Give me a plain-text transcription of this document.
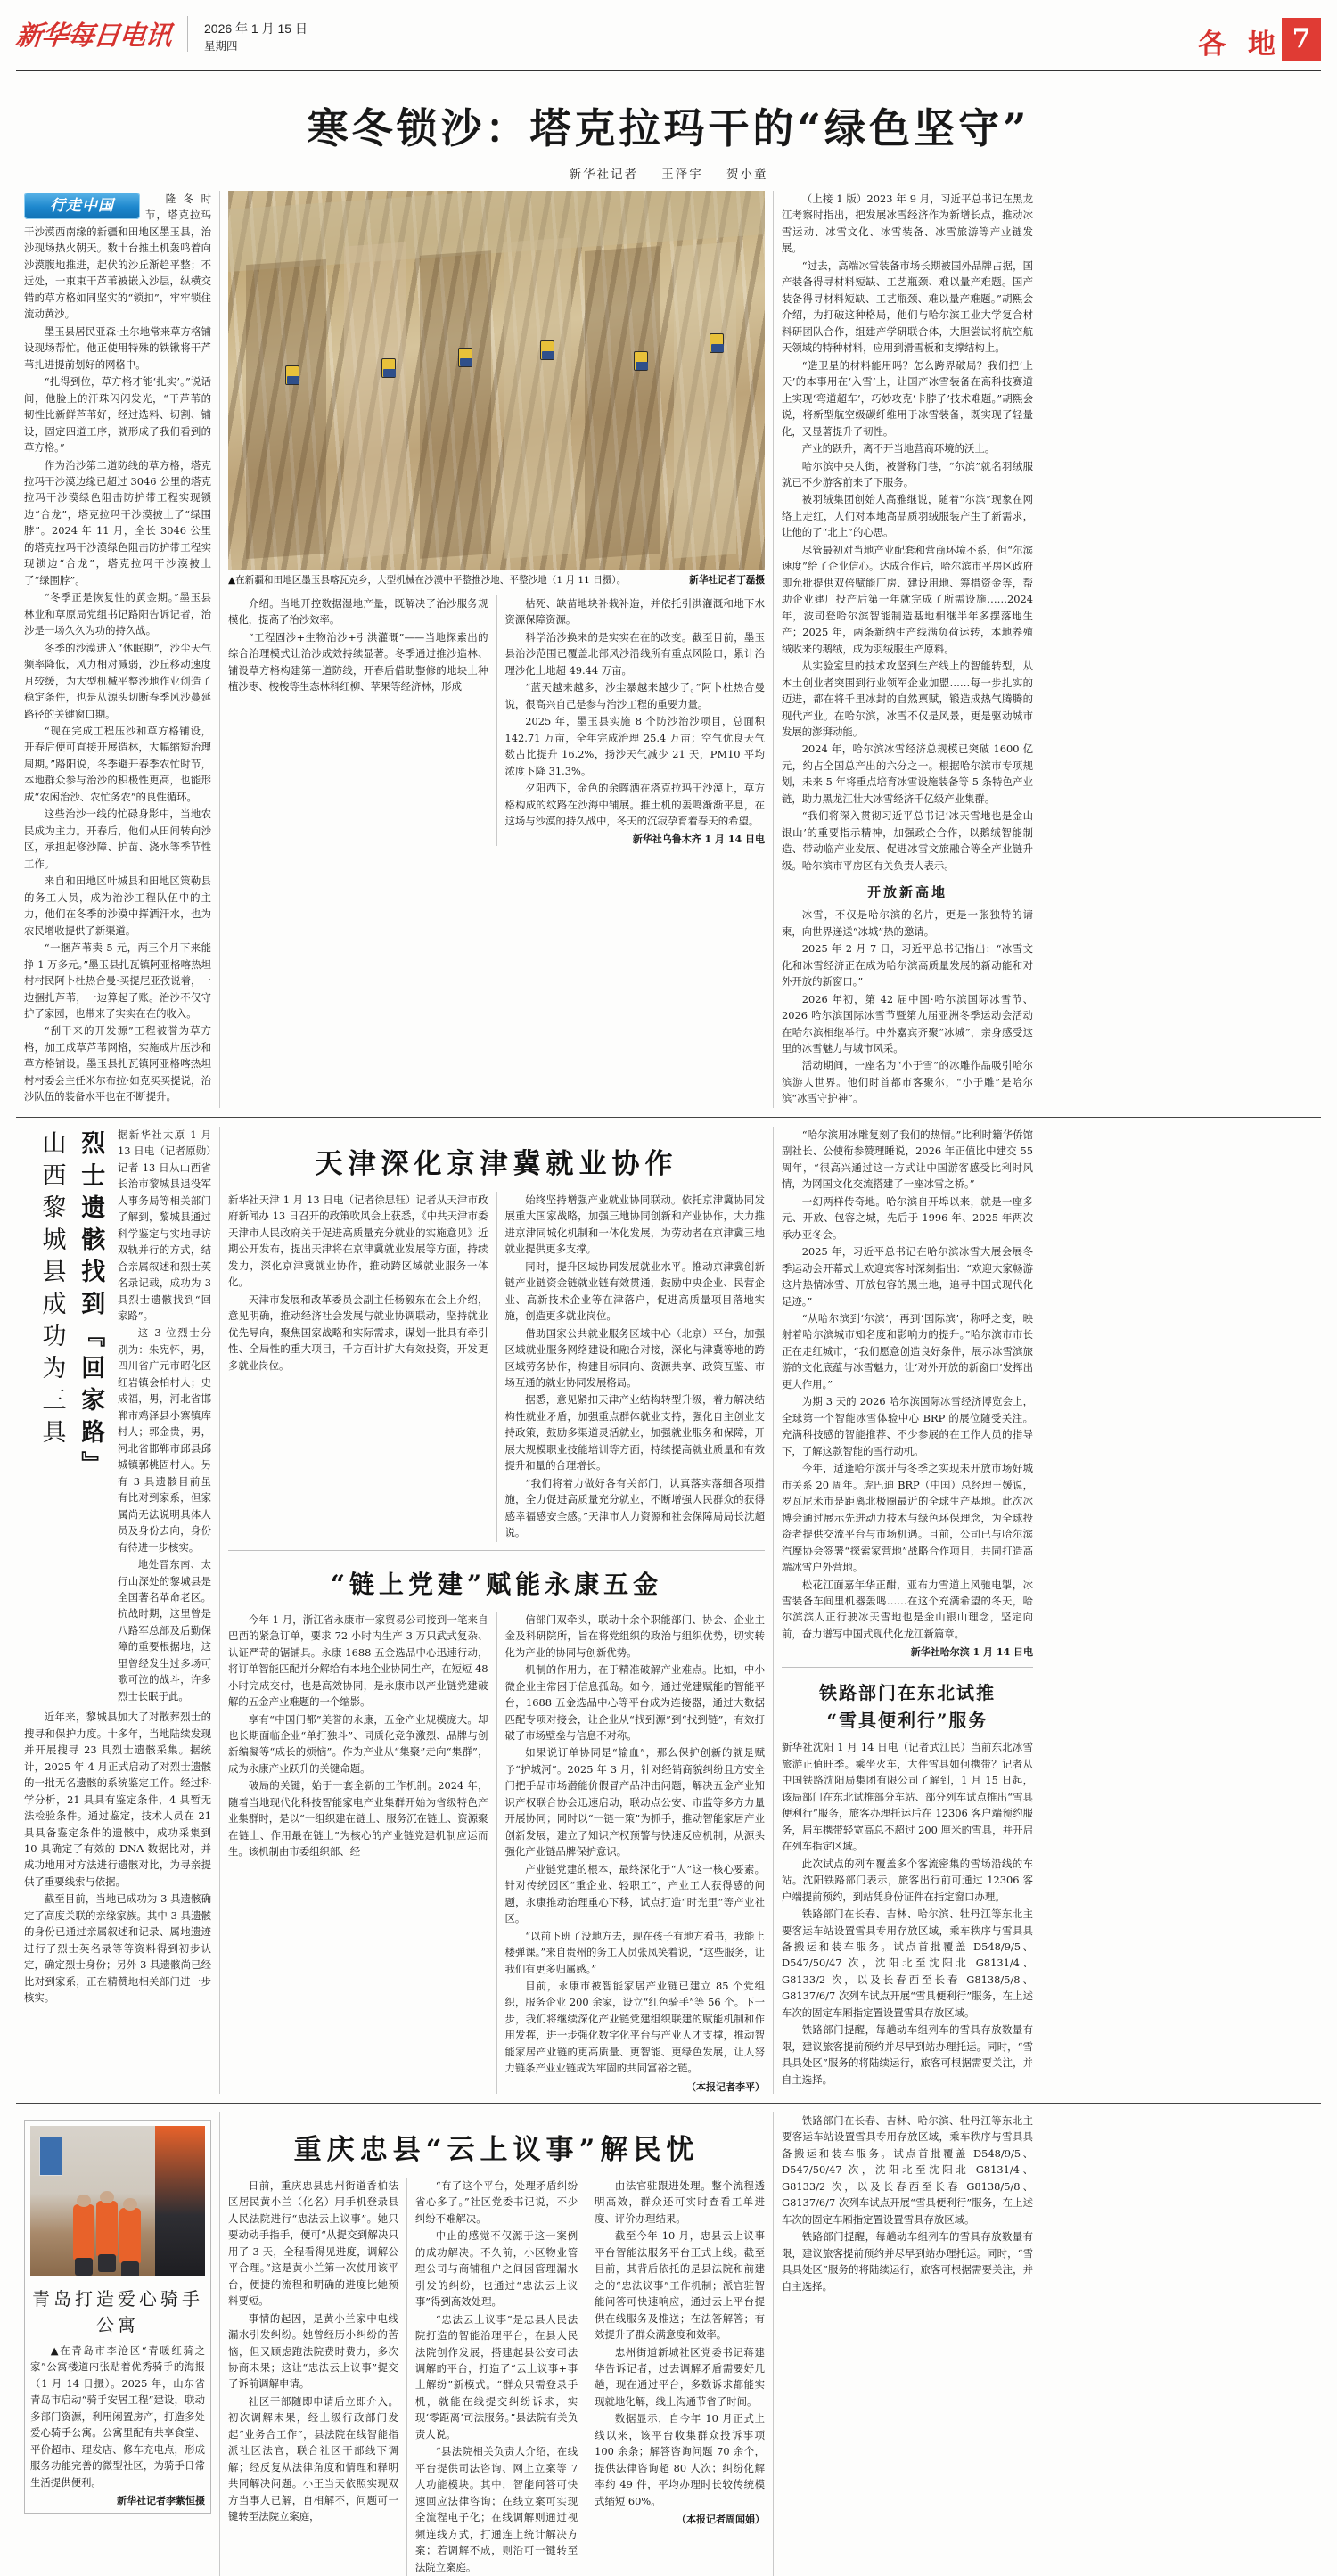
新华每日电讯	2026 年 1 月 15 日
星期四	各 地 7
寒冬锁沙：塔克拉玛干的“绿色坚守”
新华社记者 王泽宇 贺小童
行走中国	隆冬时节，塔克拉玛干沙漠西南缘的新疆和田地区墨玉县，治沙现场热火朝天。数十台推土机轰鸣着向沙漠腹地推进，起伏的沙丘渐趋平整；不远处，一束束干芦苇被嵌入沙层，纵横交错的草方格如同坚实的“锁扣”，牢牢锁住流动黄沙。

墨玉县居民亚森·土尔地常来草方格铺设现场帮忙。他正使用特殊的铁锹将干芦苇扎进提前划好的网格中。

“扎得到位，草方格才能‘扎实’。”说话间，他脸上的汗珠闪闪发光，“干芦苇的韧性比新鲜芦苇好，经过选料、切割、铺设，固定四道工序，就形成了我们看到的草方格。”

作为治沙第二道防线的草方格，塔克拉玛干沙漠边缘已超过 3046 公里的塔克拉玛干沙漠绿色阻击防护带工程实现锁边“合龙”，塔克拉玛干沙漠披上了“绿围脖”。2024 年 11 月，全长 3046 公里的塔克拉玛干沙漠绿色阻击防护带工程实现锁边“合龙”，塔克拉玛干沙漠披上了“绿围脖”。

“冬季正是恢复性的黄金期。”墨玉县林业和草原局党组书记路阳告诉记者，治沙是一场久久为功的持久战。

冬季的沙漠进入“休眠期”，沙尘天气频率降低，风力相对减弱，沙丘移动速度月较缓，为大型机械平整沙地作业创造了稳定条件，也是从源头切断春季风沙蔓延路径的关键窗口期。

“现在完成工程压沙和草方格铺设，开春后便可直接开展造林，大幅缩短治理周期。”路阳说，冬季避开春季农忙时节，本地群众参与治沙的积极性更高，也能形成“农闲治沙、农忙务农”的良性循环。

这些治沙一线的忙碌身影中，当地农民成为主力。开春后，他们从田间转向沙区，承担起修沙障、护苗、浇水等季节性工作。

来自和田地区叶城县和田地区策勒县的务工人员，成为治沙工程队伍中的主力，他们在冬季的沙漠中挥洒汗水，也为农民增收提供了新渠道。

“一捆芦苇卖 5 元，两三个月下来能挣 1 万多元。”墨玉县扎瓦镇阿亚格喀热坦村村民阿卜杜热合曼·买提尼亚孜说着，一边捆扎芦苇，一边算起了账。治沙不仅守护了家园，也带来了实实在在的收入。

“刮干来的开发源”工程被誉为草方格，加工成草芦苇网格，实施成片压沙和草方格铺设。墨玉县扎瓦镇阿亚格喀热坦村村委会主任米尔布拉·如克买买提说，治沙队伍的装备水平也在不断提升。

新华社记者丁磊摄
▲在新疆和田地区墨玉县喀瓦克乡，大型机械在沙漠中平整推沙地、平整沙地（1 月 11 日摄）。

介绍。当地开控数据湿地产量，既解决了治沙服务规模化，提高了治沙效率。

“工程固沙+生物治沙+引洪灌溉”——当地探索出的综合治理模式让治沙成效持续显著。冬季通过推沙造林、铺设草方格构建第一道防线，开春后借助整修的地块上种植沙枣、梭梭等生态林科红柳、苹果等经济林，形成

枯死、缺苗地块补栽补造，并依托引洪灌溉和地下水资源保障资源。

科学治沙换来的是实实在在的改变。截至目前，墨玉县治沙范围已覆盖北部风沙沿线所有重点风险口，累计治理沙化土地超 49.44 万亩。

“蓝天越来越多，沙尘暴越来越少了。”阿卜杜热合曼说，很高兴自己是参与治沙工程的重要力量。

2025 年，墨玉县实施 8 个防沙治沙项目，总面积 142.71 万亩，全年完成治理 25.4 万亩；空气优良天气数占比提升 16.2%，扬沙天气减少 21 天，PM10 平均浓度下降 31.3%。

夕阳西下，金色的余晖洒在塔克拉玛干沙漠上，草方格构成的纹路在沙海中铺展。推土机的轰鸣渐渐平息，在这场与沙漠的持久战中，冬天的沉寂孕育着春天的希望。

新华社乌鲁木齐 1 月 14 日电

（上接 1 版）2023 年 9 月，习近平总书记在黑龙江考察时指出，把发展冰雪经济作为新增长点，推动冰雪运动、冰雪文化、冰雪装备、冰雪旅游等产业链发展。

“过去，高端冰雪装备市场长期被国外品牌占据，国产装备得寻材料短缺、工艺瓶颈、难以量产难题。国产装备得寻材料短缺、工艺瓶颈、难以量产难题。”胡熙会介绍，为打破这种格局，他们与哈尔滨工业大学复合材料研团队合作，组建产学研联合体，大胆尝试将航空航天领域的特种材料，应用到滑雪板和支撑结构上。

“造卫星的材料能用吗？怎么跨界破局？我们把‘上天’的本事用在‘入雪’上，让国产冰雪装备在高科技赛道上实现‘弯道超车’，巧妙攻克‘卡脖子’技术难题。”胡熙会说，将新型航空级碳纤维用于冰雪装备，既实现了轻量化，又显著提升了韧性。

产业的跃升，离不开当地营商环境的沃土。

哈尔滨中央大街，被誉称门巷，“尔滨”就名羽绒服就已不少游客前来了下服务。

被羽绒集团创始人高雅继说，随着“尔滨”现象在网络上走红，人们对本地高品质羽绒服装产生了新需求，让他的了“北上”的心思。

尽管最初对当地产业配套和营商环境不系，但“尔滨速度”给了企业信心。达成合作后，哈尔滨市平房区政府即允批提供双倍赋能厂房、建设用地、筹措资金等，帮助企业建厂投产后第一年就完成了所需设施……2024 年，波司登哈尔滨智能制造基地相继半年多摆落地生产；2025 年，两条新纳生产线满负荷运转，本地养殖绒收来的鹅绒，成为羽绒服生产原料。

从实验室里的技术攻坚到生产线上的智能转型，从本土创业者突围到行业领军企业加盟……每一步扎实的迈进，都在将千里冰封的自然禀赋，锻造成热气腾腾的现代产业。在哈尔滨，冰雪不仅是风景，更是驱动城市发展的澎湃动能。

2024 年，哈尔滨冰雪经济总规模已突破 1600 亿元，约占全国总产出的六分之一。根据哈尔滨市专项规划，未来 5 年将重点培育冰雪设施装备等 5 条特色产业链，助力黑龙江壮大冰雪经济千亿级产业集群。

“我们将深入贯彻习近平总书记‘冰天雪地也是金山银山’的重要指示精神，加强政企合作，以鹅绒智能制造、带动临产业发展、促进冰雪文旅融合等全产业链升级。哈尔滨市平房区有关负责人表示。

开放新高地

冰雪，不仅是哈尔滨的名片，更是一张独特的请柬，向世界递送“冰城”热的邀请。

2025 年 2 月 7 日，习近平总书记指出：“冰雪文化和冰雪经济正在成为哈尔滨高质量发展的新动能和对外开放的新窗口。”

2026 年初，第 42 届中国·哈尔滨国际冰雪节、2026 哈尔滨国际冰雪节暨第九届亚洲冬季运动会活动在哈尔滨相继举行。中外嘉宾齐聚“冰城”，亲身感受这里的冰雪魅力与城市风采。

活动期间，一座名为“小于雪”的冰雕作品吸引哈尔滨游人世界。他们时首都市客聚尔，“小于雕”是哈尔滨“冰雪守护神”。

烈士遗骸找到『回家路』
山西黎城县成功为三具	据新华社太原 1 月 13 日电（记者原勋）记者 13 日从山西省长治市黎城县退役军人事务局等相关部门了解到，黎城县通过科学鉴定与实地寻访双轨并行的方式，结合亲属叙述和烈士英名录记载，成功为 3 具烈士遗骸找到“回家路”。

这 3 位烈士分别为：朱宪怀，男，四川省广元市昭化区红岩镇会柏村人；史成福，男，河北省邯郸市鸡泽县小寨镇库村人；郭金贵，男，河北省邯郸市邱县邱城镇郭桃固村人。另有 3 具遗骸目前虽有比对到家系，但家属尚无法说明具体人员及身份去向，身份有待进一步核实。

地处晋东南、太行山深处的黎城县是全国著名革命老区。抗战时期，这里曾是八路军总部及后勤保障的重要根据地，这里曾经发生过多场可歌可泣的战斗，许多烈士长眠于此。

近年来，黎城县加大了对散葬烈士的搜寻和保护力度。十多年，当地陆续发现并开展搜寻 23 具烈士遗骸采集。据统计，2025 年 4 月正式启动了对烈士遗骸的一批无名遗骸的系统鉴定工作。经过科学分析，21 具具有鉴定条件，4 具暂无法检验条件。通过鉴定，技术人员在 21 具具备鉴定条件的遗骸中，成功采集到 10 具确定了有效的 DNA 数据比对，并成功地用对方法进行遗骸对比，为寻亲提供了重要线索与依据。

截至目前，当地已成功为 3 具遗骸确定了高度关联的亲缘家族。其中 3 具遗骸的身份已通过亲属叙述和记录、属地遗迹进行了烈士英名录等等资料得到初步认定，确定烈士身份；另外 3 具遗骸尚已经比对到家系，正在精赞地相关部门进一步核实。

天津深化京津冀就业协作

新华社天津 1 月 13 日电（记者徐思钰）记者从天津市政府新闻办 13 日召开的政策吹风会上获悉，《中共天津市委 天津市人民政府关于促进高质量充分就业的实施意见》近期公开发布，提出天津将在京津冀就业发展等方面，持续发力，深化京津冀就业协作，推动跨区域就业服务一体化。

天津市发展和改革委员会副主任杨毅东在会上介绍，意见明确，推动经济社会发展与就业协调联动，坚持就业优先导向，聚焦国家战略和实际需求，谋划一批具有牵引性、全局性的重大项目，千方百计扩大有效投资，开发更多就业岗位。

始终坚持增强产业就业协同联动。依托京津冀协同发展重大国家战略，加强三地协同创新和产业协作，大力推进京津同城化机制和一体化发展，为劳动者在京津冀三地就业提供更多支撑。

同时，提升区域协同发展就业水平。推动京津冀创新链产业链资金链就业链有效贯通，鼓励中央企业、民营企业、高新技术企业等在津落户，促进高质量项目落地实施，创造更多就业岗位。

借助国家公共就业服务区域中心（北京）平台，加强区域就业服务网络建设和融合对接，深化与津冀等地的跨区域劳务协作，构建目标同向、资源共享、政策互鉴、市场互通的就业协同发展格局。

据悉，意见紧扣天津产业结构转型升级，着力解决结构性就业矛盾，加强重点群体就业支持，强化自主创业支持政策，鼓励多渠道灵活就业，加强就业服务和保障，开展大规模职业技能培训等方面，持续提高就业质量和有效提升和量的合理增长。

“我们将着力做好各有关部门，认真落实落细各项措施，全力促进高质量充分就业，不断增强人民群众的获得感幸福感安全感。”天津市人力资源和社会保障局局长沈超说。

“链上党建”赋能永康五金

今年 1 月，浙江省永康市一家贸易公司接到一笔来自巴西的紧急订单，要求 72 小时内生产 3 万只武式复杂、认证严苛的锯铺具。永康 1688 五金选品中心迅速行动，将订单智能匹配并分解给有本地企业协同生产，在短短 48 小时完成交付，也是高效协同，是永康市以产业链党建破解的五金产业难题的一个缩影。

享有“中国门都”美誉的永康，五金产业规模庞大。却也长期面临企业“单打独斗”、同质化竞争激烈、品牌与创新编凝等“成长的烦恼”。作为产业从“集聚”走向“集群”，成为永康产业跃升的关键命题。

破局的关键，始于一套全新的工作机制。2024 年，随着当地现代化科技智能家电产业集群开始为省级特色产业集群时，是以“一组织建在链上、服务沉在链上、资源聚在链上、作用最在链上”为核心的产业链党建机制应运而生。该机制由市委组织部、经

信部门双牵头，联动十余个职能部门、协会、企业主金及科研院所，旨在将党组织的政治与组织优势，切实转化为产业的协同与创新优势。

机制的作用力，在于精准破解产业难点。比如，中小微企业主常困于信息孤岛。如今，通过党建赋能的智能平台，1688 五金选品中心等平台成为连接器，通过大数据匹配专项对接会，让企业从“找到源”到“找到链”，有效打破了市场壁垒与信息不对称。

如果说订单协同是“输血”，那么保护创新的就是赋予“护城河”。2025 年 3 月，针对经销商貌纠纷且方安全门把手品市场潜能价假冒产品冲击问题，解决五金产业知识产权联合协会迅速启动，联动点公安、市监等多方力量开展协同；同时以“一链一策”为抓手，推动智能家居产业创新发展，建立了知识产权预警与快速反应机制，从源头强化产业链品牌保护意识。

产业链党建的根本，最终深化于“人”这一核心要素。针对传统园区“重企业、轻职工”，产业工人获得感的问题，永康推动治理重心下移，试点打造“时光里”等产业社区。

“以前下班了没地方去，现在孩子有地方看书，我能上楼弹课。”来自贵州的务工人员张凤笑着说，“这些服务，让我们有更多归属感。”

目前，永康市被智能家居产业链已建立 85 个党组织，服务企业 200 余家，设立“红色骑手”等 56 个。下一步，我们将继续深化产业链党建组织联建的赋能机制和作用发挥，进一步强化数字化平台与产业人才支撑，推动智能家居产业链的更高质量、更智能、更绿色发展，让人努力链条产业业链成为牢固的共同富裕之链。

（本报记者李平）

“哈尔滨用冰雕复刻了我们的热情。”比利时籍华侨馆副社长、公使衔参赞理睡说，2026 年正值比中建交 55 周年，“很高兴通过这一方式让中国游客感受比利时风情，为网国文化交流搭建了一座冰雪之桥。”

一幻两样传奇地。哈尔滨自开埠以来，就是一座多元、开放、包容之城，先后于 1996 年、2025 年两次承办亚冬会。

2025 年，习近平总书记在哈尔滨冰雪大展会展冬季运动会开幕式上欢迎宾客时深刻指出：“欢迎大家畅游这片热情冰雪、开放包容的黑土地，追寻中国式现代化足迹。”

“从哈尔滨到‘尔滨’，再到‘国际滨’，称呼之变，映射着哈尔滨城市知名度和影响力的提升。”哈尔滨市市长正在走红城市，“我们愿意创造良好条件，展示冰雪滨旅游的文化底蕴与冰雪魅力，让‘对外开放的新窗口’发挥出更大作用。”

为期 3 天的 2026 哈尔滨国际冰雪经济博览会上，全球第一个智能冰雪体验中心 BRP 的展位随受关注。充满科技感的智能推荐、不少参展的在工作人员的指导下，了解这款智能的雪行动机。

今年，适逢哈尔滨开与冬季之实现未开放市场好城市关系 20 周年。虎巴迪 BRP（中国）总经理王媛说，罗瓦尼米市是距离北极圈最近的全球生产基地。此次冰博会通过展示先进动力技术与绿色环保理念，为全球投资者提供交流平台与市场机遇。目前，公司已与哈尔滨汽摩协会签署“探索家营地”战略合作项目，共同打造高端冰雪户外营地。

松花江面嘉年华正酣，亚布力雪道上风驰电掣，冰雪装备车间里机器轰鸣……在这个充满希望的冬天，哈尔滨滨人正行驶冰天雪地也是金山银山理念，坚定向前，奋力谱写中国式现代化龙江新篇章。

新华社哈尔滨 1 月 14 日电
铁路部门在东北试推
“雪具便利行”服务

新华社沈阳 1 月 14 日电（记者武江民）当前东北冰雪旅游正值旺季。乘坐火车，大件雪具如何携带？记者从中国铁路沈阳局集团有限公司了解到，1 月 15 日起，该局部门在东北试推部分车站、部分列车试点推出“雪具便利行”服务，旅客办理托运后在 12306 客户端预约服务，届车携带轻宽高总不超过 200 厘米的雪具，并开启在列车指定区域。

此次试点的列车覆盖多个客流密集的雪场沿线的车站。沈阳铁路部门表示，旅客出行前可通过 12306 客户端提前预约，到站凭身份证件在指定窗口办理。

铁路部门在长春、吉林、哈尔滨、牡丹江等东北主要客运车站设置雪具专用存放区域，乘车秩序与雪具具备搬运和装车服务。试点首批覆盖 D548/9/5、D547/50/47 次，沈阳北至沈阳北 G8131/4、G8133/2 次，以及长春西至长春 G8138/5/8、G8137/6/7 次列车试点开展“雪具便利行”服务，在上述车次的固定车厢指定置设置雪具存放区域。

铁路部门提醒，每趟动车组列车的雪具存放数量有限，建议旅客提前预约并尽早到站办理托运。同时，“雪具具处区”服务的将陆续运行，旅客可根据需要关注，并自主选择。

青岛打造爱心骑手公寓

▲在青岛市李沧区“青暖红骑之家”公寓楼道内张贴着优秀骑手的海报（1 月 14 日摄）。2025 年，山东省青岛市启动“骑手安居工程”建设，联动多部门资源，利用闲置房产，打造多处爱心骑手公寓。公寓里配有共享食堂、平价超市、理发店、修车充电点，形成服务功能完善的微型社区，为骑手日常生活提供便利。

新华社记者李紫恒摄
重庆忠县“云上议事”解民忧

日前，重庆忠县忠州街道香柏法区居民黄小兰（化名）用手机登录县人民法院进行“忠法云上议事”。她只要动动手指手，便可“从提交到解决只用了 3 天，全程看得见进度，调解公平合理。”这是黄小兰第一次使用该平台，便捷的流程和明确的进度比她预料要短。

事情的起因，是黄小兰家中电线漏水引发纠纷。她曾经历小纠纷的苦恼，但又顾虑跑法院费时费力，多次协商未果；这让“忠法云上议事”提交了诉前调解申请。

社区干部随即申请后立即介入。初次调解未果，经上级行政部门发起“业务合工作”，县法院在线智能指派社区法官，联合社区干部线下调解；经反复从法律角度和情理和释明共同解决问题。小王当天依照实现双方当事人已解，自相解不，问题可一键转至法院立案庭，

“有了这个平台，处理矛盾纠纷省心多了。”社区党委书记说，不少纠纷不难解决。

中止的感觉不仅源于这一案例的成功解决。不久前，小区物业管理公司与商铺租户之间因管理漏水引发的纠纷，也通过“忠法云上议事”得到高效处理。

“忠法云上议事”是忠县人民法院打造的智能治理平台，在县人民法院创作发展，搭建起县公安司法调解的平台，打造了“云上议事+事上解纷”新模式。“群众只需登录手机，就能在线提交纠纷诉求，实现‘零距离’司法服务。”县法院有关负责人说。

“县法院相关负责人介绍，在线平台提供司法咨询、网上立案等 7 大功能模块。其中，智能问答可快速回应法律咨询；在线立案可实现全流程电子化；在线调解则通过视频连线方式，打通连上统计解决方案；若调解不成，则沿可一键转至法院立案庭。

由法官驻跟进处理。整个流程透明高效，群众还可实时查看工单进度、评价办理结果。

截至今年 10 月，忠县云上议事平台智能法服务平台正式上线。截至目前，其背后依托的是县法院和前建之的“忠法议事”工作机制；派官驻智能问答可快速响应，通过云上平台提供在线服务及推送；在法答解答；有效提升了群众满意度和效率。

忠州街道新城社区党委书记蒋建华告诉记者，过去调解矛盾需要好几趟，现在通过平台，多数诉求都能实现就地化解，线上沟通节省了时间。

数据显示，自今年 10 月正式上线以来，该平台收集群众投诉事项 100 余条；解答咨询问题 70 余个，提供法律咨询超 80 人次；纠纷化解率约 49 件，平均办理时长较传统模式缩短 60%。

（本报记者周闻娟）

铁路部门在长春、吉林、哈尔滨、牡丹江等东北主要客运车站设置雪具专用存放区域，乘车秩序与雪具具备搬运和装车服务。试点首批覆盖 D548/9/5、D547/50/47 次，沈阳北至沈阳北 G8131/4、G8133/2 次，以及长春西至长春 G8138/5/8、G8137/6/7 次列车试点开展“雪具便利行”服务，在上述车次的固定车厢指定置设置雪具存放区域。

铁路部门提醒，每趟动车组列车的雪具存放数量有限，建议旅客提前预约并尽早到站办理托运。同时，“雪具具处区”服务的将陆续运行，旅客可根据需要关注，并自主选择。
